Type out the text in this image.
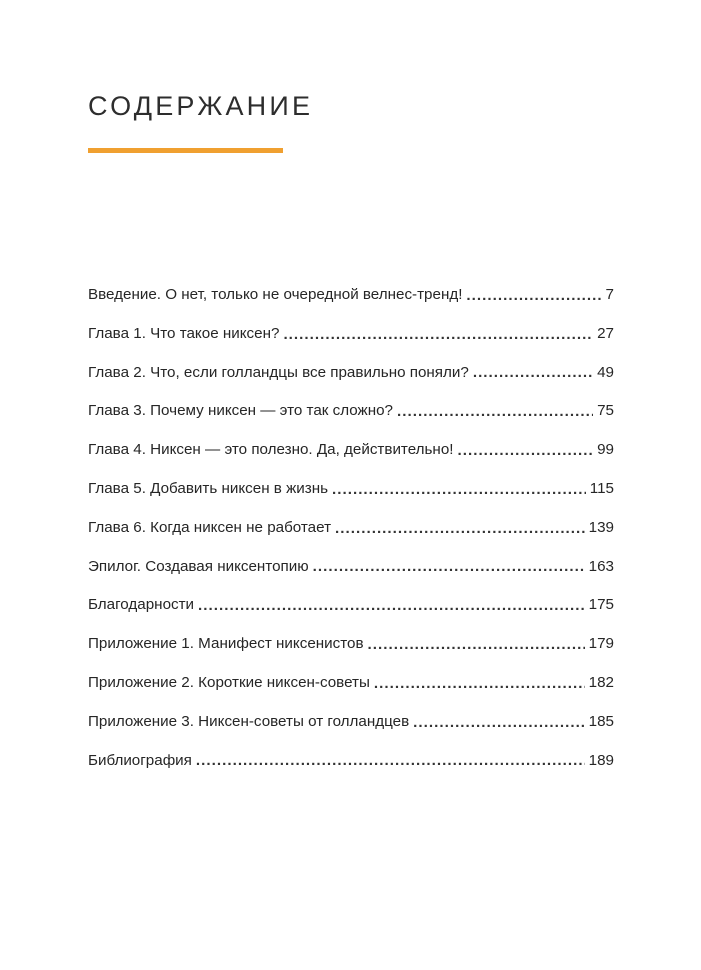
СОДЕРЖАНИЕ
Введение. О нет, только не очередной велнес-тренд! . . .	7
Глава 1. Что такое никсен? . . .	27
Глава 2. Что, если голландцы все правильно поняли? . . .	49
Глава 3. Почему никсен — это так сложно? . . .	75
Глава 4. Никсен — это полезно. Да, действительно! . . .	99
Глава 5. Добавить никсен в жизнь . . .	115
Глава 6. Когда никсен не работает . . .	139
Эпилог. Создавая никсентопию . . .	163
Благодарности . . .	175
Приложение 1. Манифест никсенистов . . .	179
Приложение 2. Короткие никсен-советы . . .	182
Приложение 3. Никсен-советы от голландцев . . .	185
Библиография . . .	189
